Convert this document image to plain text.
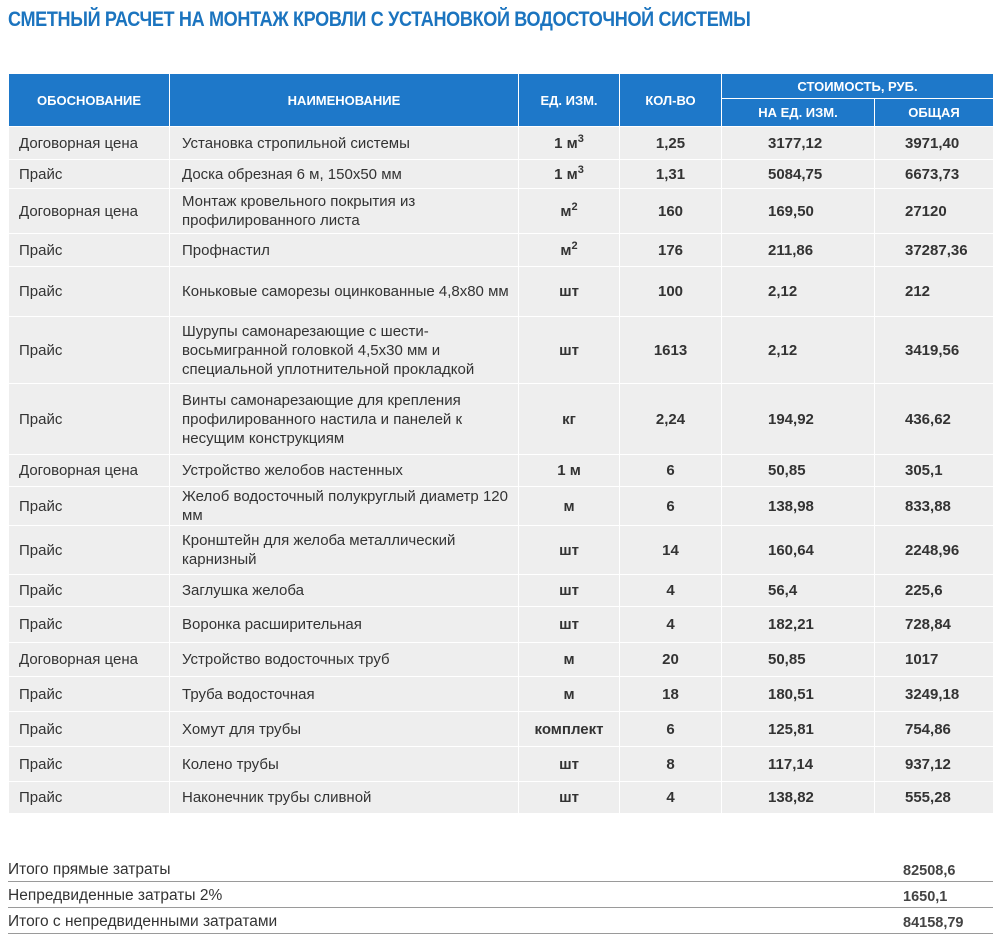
СМЕТНЫЙ РАСЧЕТ НА МОНТАЖ КРОВЛИ С УСТАНОВКОЙ ВОДОСТОЧНОЙ СИСТЕМЫ
ОБОСНОВАНИЕ	НАИМЕНОВАНИЕ	ЕД. ИЗМ.	КОЛ-ВО	СТОИМОСТЬ, РУБ.	
				НА ЕД. ИЗМ.	ОБЩАЯ
Договорная цена	Установка стропильной системы	1 $м^3$	1,25	3177,12	3971,40
Прайс	Доска обрезная 6 м, 150х50 мм	1 $м^3$	1,31	5084,75	6673,73
Договорная цена	Монтаж кровельного покрытия из профилированного листа	$м^2$	160	169,50	27120
Прайс	Профнастил	$м^2$	176	211,86	37287,36
Прайс	Коньковые саморезы оцинкованные 4,8х80 мм	шт	100	2,12	212
Прайс	Шурупы самонарезающие с шести-восьмигранной головкой 4,5х30 мм и специальной уплотнительной прокладкой	шт	1613	2,12	3419,56
Прайс	Винты самонарезающие для крепления профилированного настила и панелей к несущим конструкциям	кг	2,24	194,92	436,62
Договорная цена	Устройство желобов настенных	1 м	6	50,85	305,1
Прайс	Желоб водосточный полукруглый диаметр 120 мм	м	6	138,98	833,88
Прайс	Кронштейн для желоба металлический карнизный	шт	14	160,64	2248,96
Прайс	Заглушка желоба	шт	4	56,4	225,6
Прайс	Воронка расширительная	шт	4	182,21	728,84
Договорная цена	Устройство водосточных труб	м	20	50,85	1017
Прайс	Труба водосточная	м	18	180,51	3249,18
Прайс	Хомут для трубы	комплект	6	125,81	754,86
Прайс	Колено трубы	шт	8	117,14	937,12
Прайс	Наконечник трубы сливной	шт	4	138,82	555,28
Итого прямые затраты	82508,6
Непредвиденные затраты 2%	1650,1
Итого с непредвиденными затратами	84158,79
